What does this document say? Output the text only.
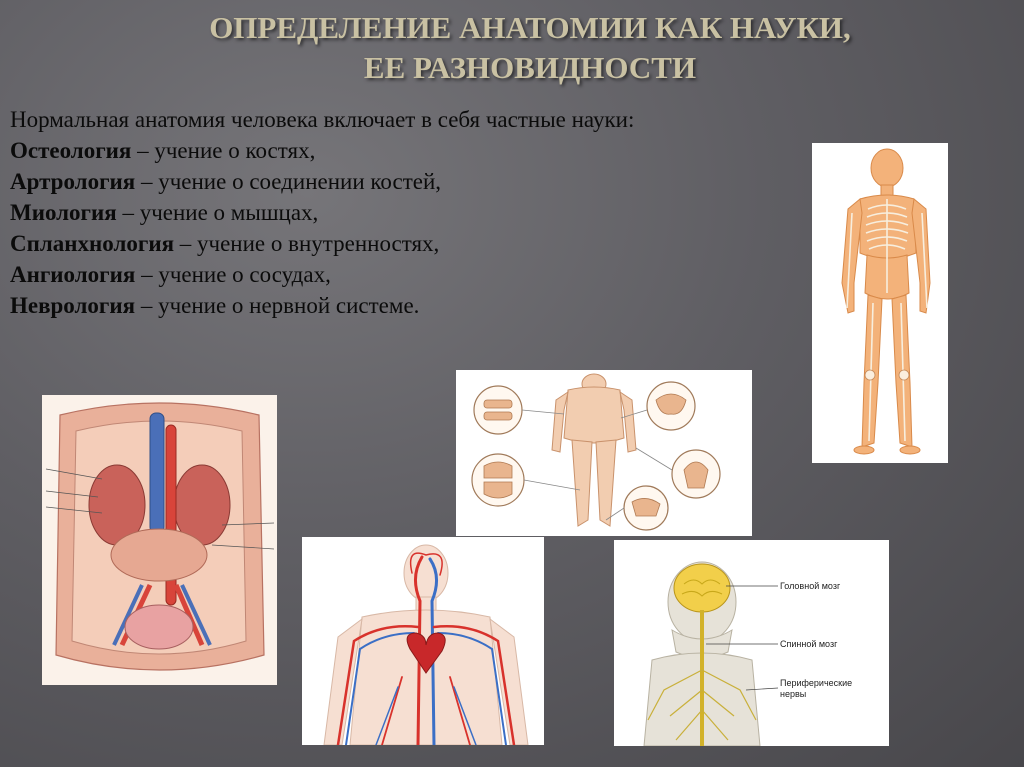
ОПРЕДЕЛЕНИЕ АНАТОМИИ КАК НАУКИ,
ЕЕ РАЗНОВИДНОСТИ
Нормальная анатомия человека включает в себя частные науки:
Остеология – учение о костях,
Артрология – учение о соединении костей,
Миология – учение о мышцах,
Спланхнология – учение о внутренностях,
Ангиология – учение о сосудах,
Неврология – учение о нервной системе.
Головной мозг
Спинной мозг
Периферические
нервы
